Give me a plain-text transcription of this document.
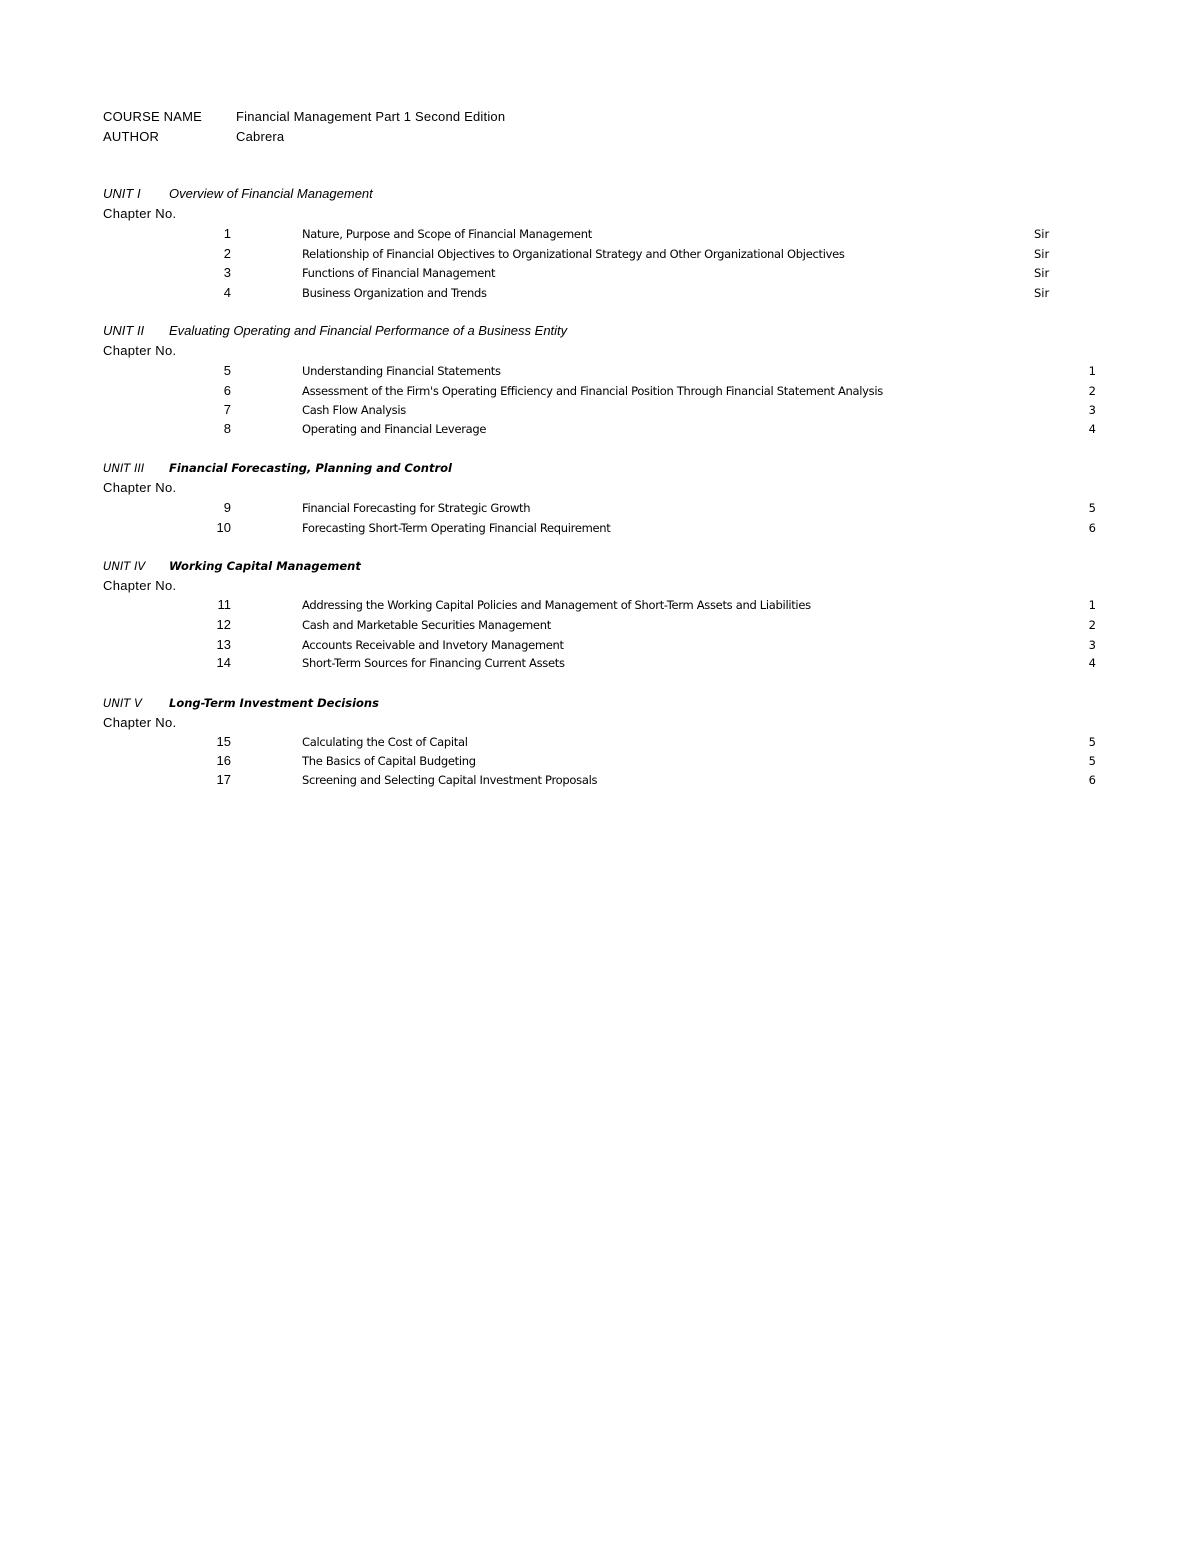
COURSE NAME	Financial Management Part 1 Second Edition
AUTHOR	Cabrera
UNIT I Overview of Financial Management
Chapter No.
1	Nature, Purpose and Scope of Financial Management	Sir
2	Relationship of Financial Objectives to Organizational Strategy and Other Organizational Objectives	Sir
3	Functions of Financial Management	Sir
4	Business Organization and Trends	Sir
UNIT II Evaluating Operating and Financial Performance of a Business Entity
Chapter No.
5	Understanding Financial Statements	1
6	Assessment of the Firm's Operating Efficiency and Financial Position Through Financial Statement Analysis	2
7	Cash Flow Analysis	3
8	Operating and Financial Leverage	4
UNIT III Financial Forecasting, Planning and Control
Chapter No.
9	Financial Forecasting for Strategic Growth	5
10	Forecasting Short-Term Operating Financial Requirement	6
UNIT IV Working Capital Management
Chapter No.
11	Addressing the Working Capital Policies and Management of Short-Term Assets and Liabilities	1
12	Cash and Marketable Securities Management	2
13	Accounts Receivable and Invetory Management	3
14	Short-Term Sources for Financing Current Assets	4
UNIT V Long-Term Investment Decisions
Chapter No.
15	Calculating the Cost of Capital	5
16	The Basics of Capital Budgeting	5
17	Screening and Selecting Capital Investment Proposals	6
